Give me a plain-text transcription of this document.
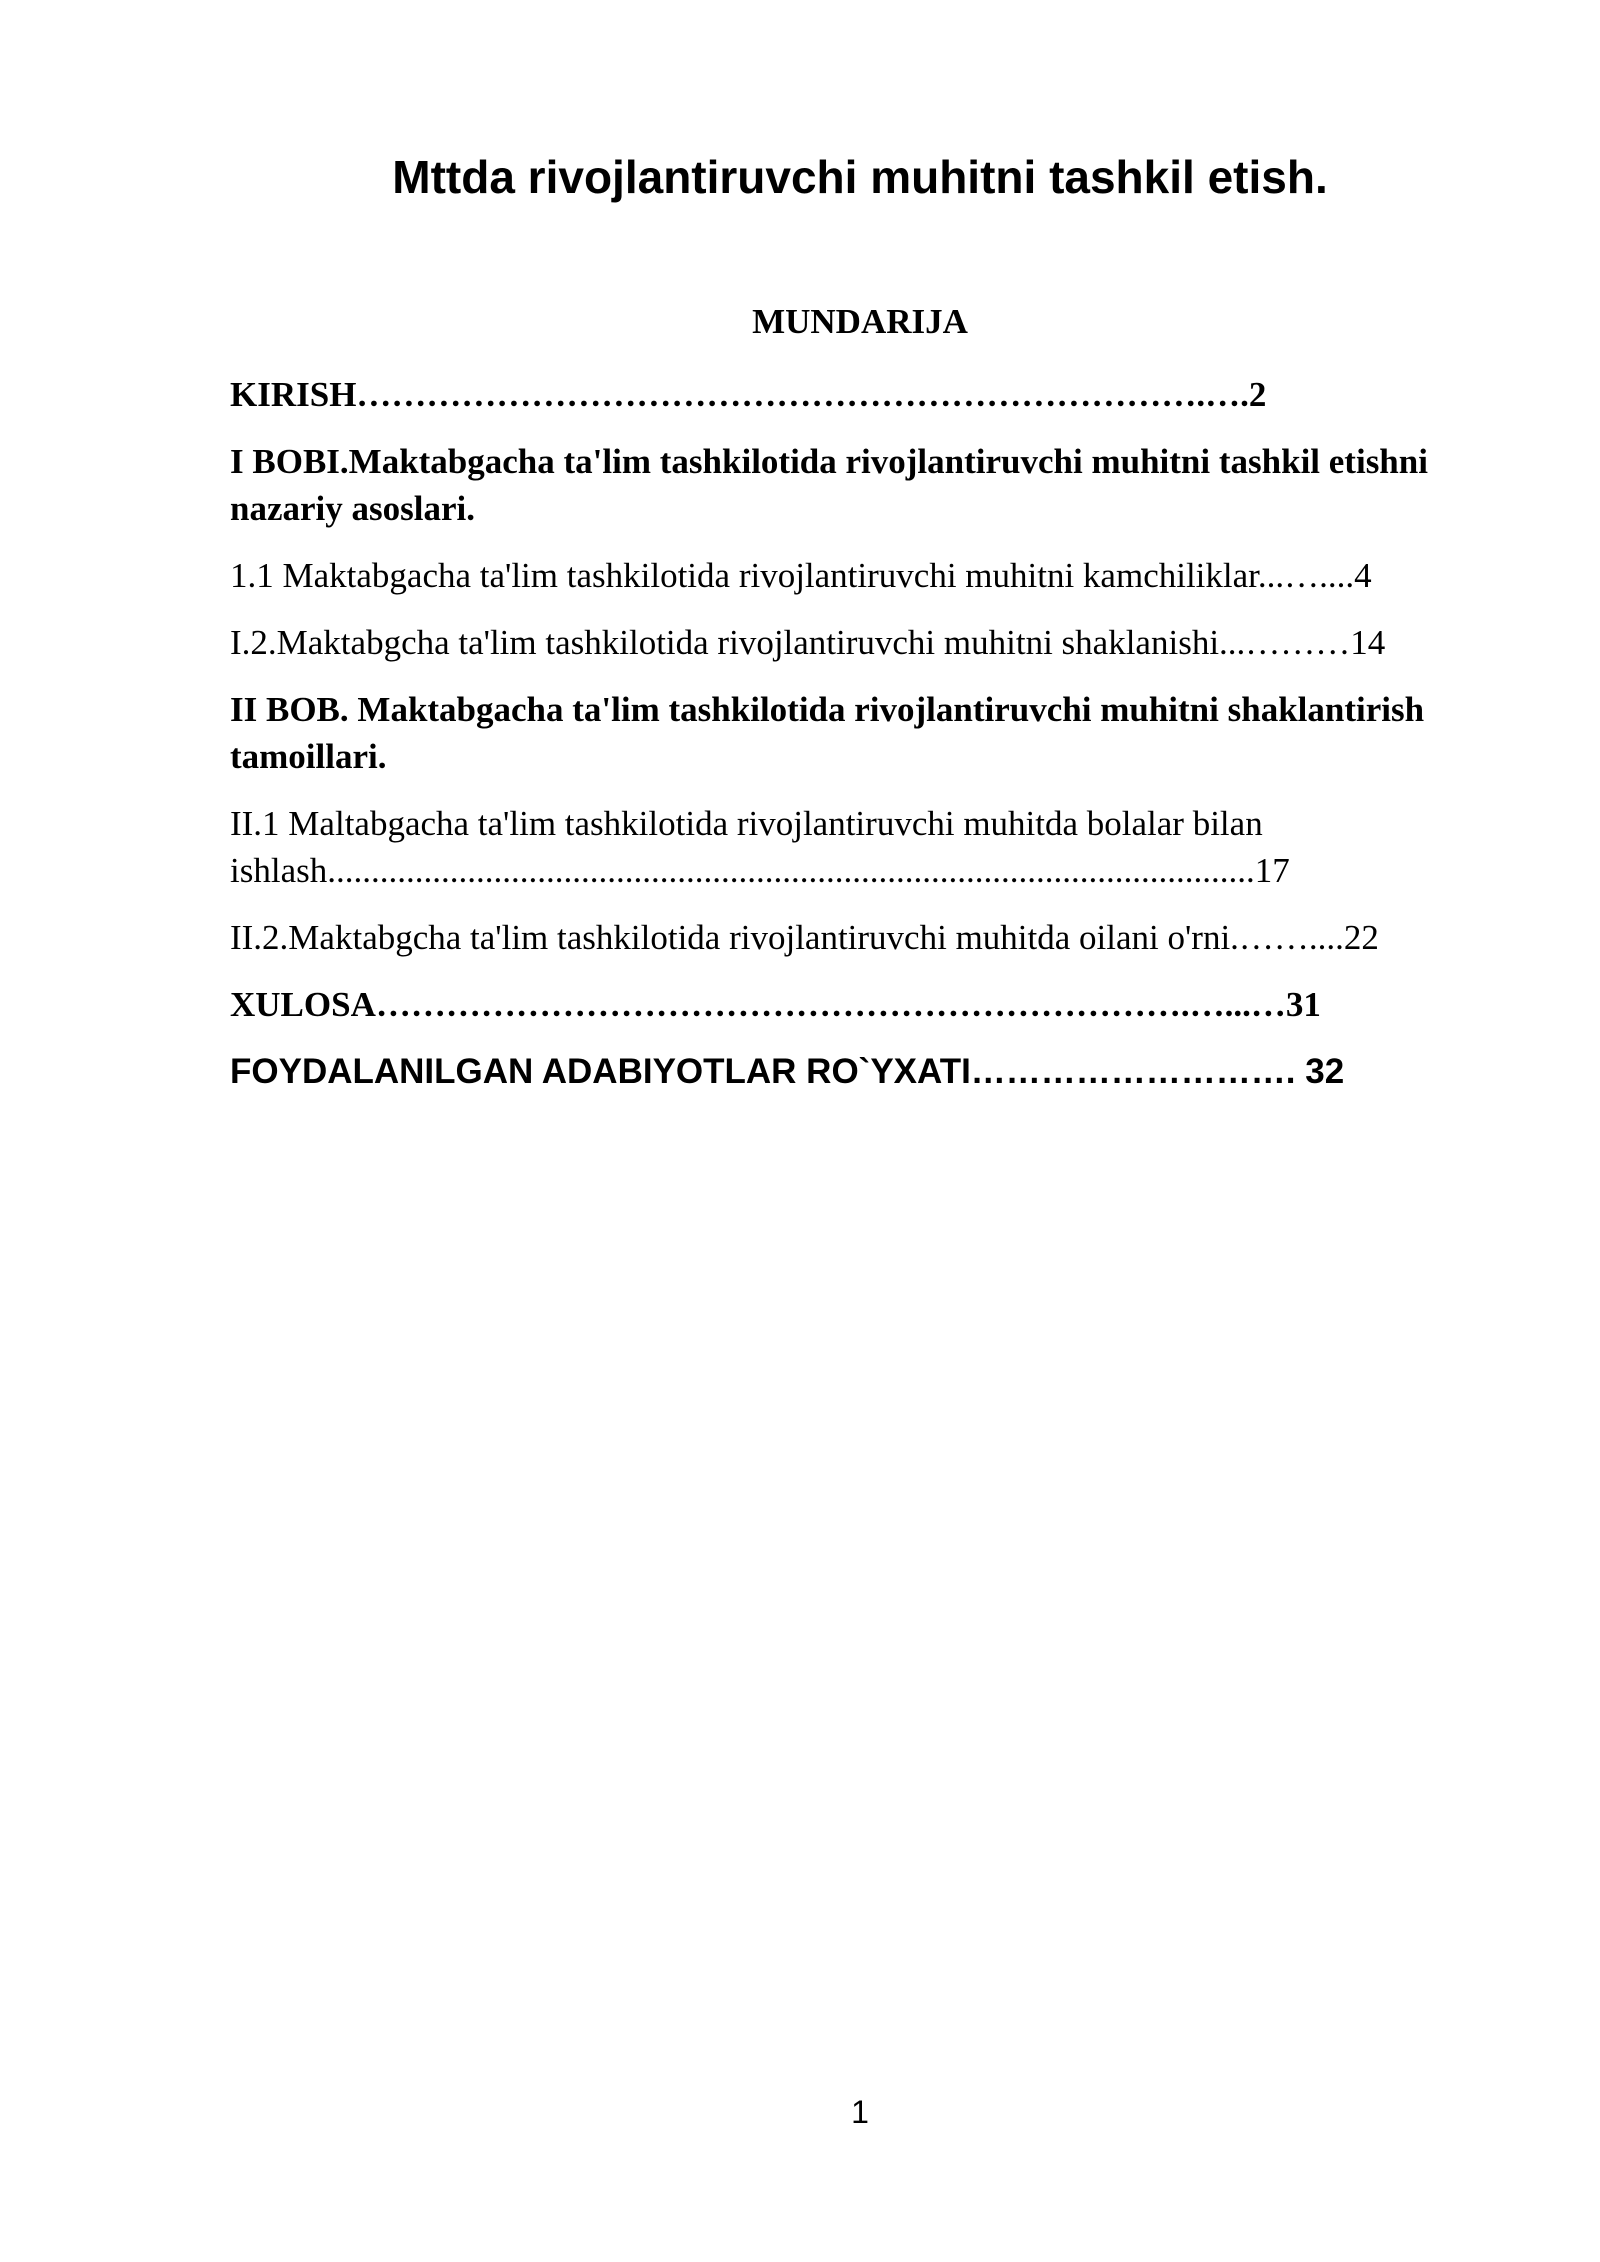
Mttda rivojlantiruvchi muhitni tashkil etish.
MUNDARIJA
KIRISH……………………………………………………………….….2
I BOBI.Maktabgacha ta'lim tashkilotida rivojlantiruvchi muhitni tashkil etishni nazariy asoslari.
1.1 Maktabgacha ta'lim tashkilotida rivojlantiruvchi muhitni kamchiliklar...…....4
I.2.Maktabgcha ta'lim tashkilotida rivojlantiruvchi muhitni shaklanishi...………14
II BOB. Maktabgacha ta'lim tashkilotida rivojlantiruvchi muhitni shaklantirish tamoillari.
II.1 Maltabgacha ta'lim tashkilotida rivojlantiruvchi muhitda bolalar bilan ishlash..........................................................................................................17
II.2.Maktabgcha ta'lim tashkilotida rivojlantiruvchi muhitda oilani o'rni.……....22
XULOSA…………………………………………………………….…...…31
FOYDALANILGAN ADABIYOTLAR RO`YXATI………………………. 32
1
